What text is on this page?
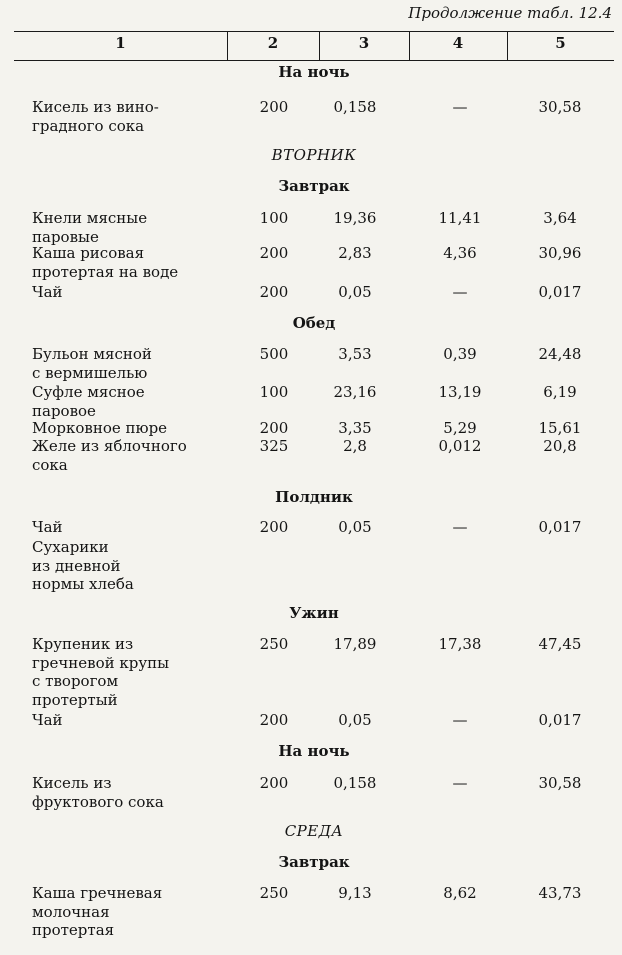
Продолжение табл. 12.4
1	2	3	4	5
На ночь
Кисель из вино-
градного сока
200	0,158	—	30,58
ВТОРНИК
Завтрак
Кнели мясные
паровые
100	19,36	11,41	3,64
Каша рисовая
протертая на воде
200	2,83	4,36	30,96
Чай	200	0,05	—	0,017
Обед
Бульон мясной
с вермишелью
500	3,53	0,39	24,48
Суфле мясное
паровое
100	23,16	13,19	6,19
Морковное пюре	200	3,35	5,29	15,61
Желе из яблочного
сока
325	2,8	0,012	20,8
Полдник
Чай	200	0,05	—	0,017
Сухарики
из дневной
нормы хлеба
Ужин
Крупеник из
гречневой крупы
с творогом
протертый
250	17,89	17,38	47,45
Чай	200	0,05	—	0,017
На ночь
Кисель из
фруктового сока
200	0,158	—	30,58
СРЕДА
Завтрак
Каша гречневая
молочная
протертая
250	9,13	8,62	43,73
